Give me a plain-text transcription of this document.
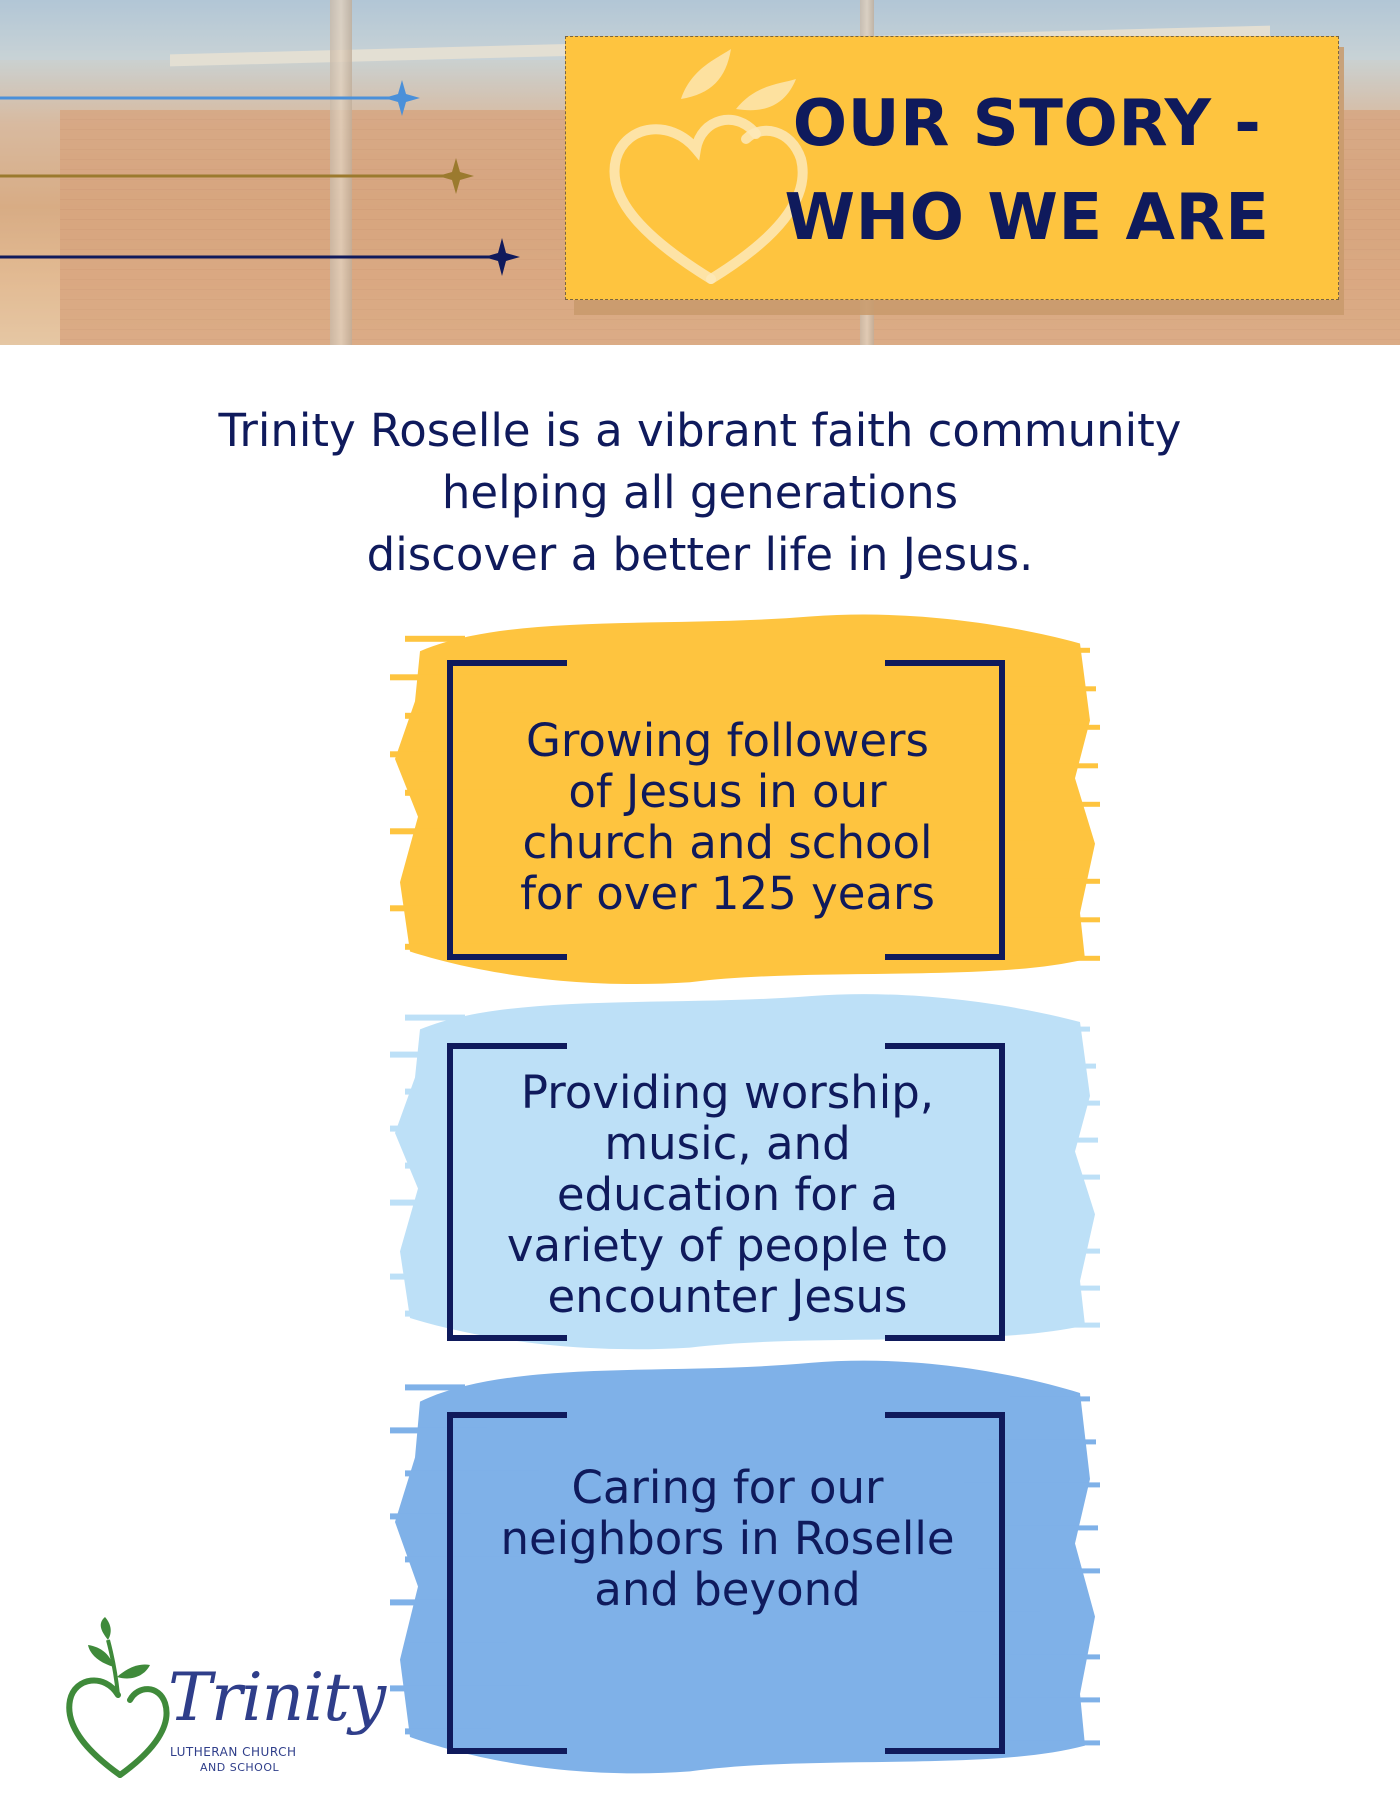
OUR STORY -
WHO WE ARE
Trinity Roselle is a vibrant faith community
helping all generations
discover a better life in Jesus.
Growing followers
of Jesus in our
church and school
for over 125 years
Providing worship,
music, and
education for a
variety of people to
encounter Jesus
Caring for our
neighbors in Roselle
and beyond
Trinity
LUTHERAN CHURCH
AND SCHOOL
